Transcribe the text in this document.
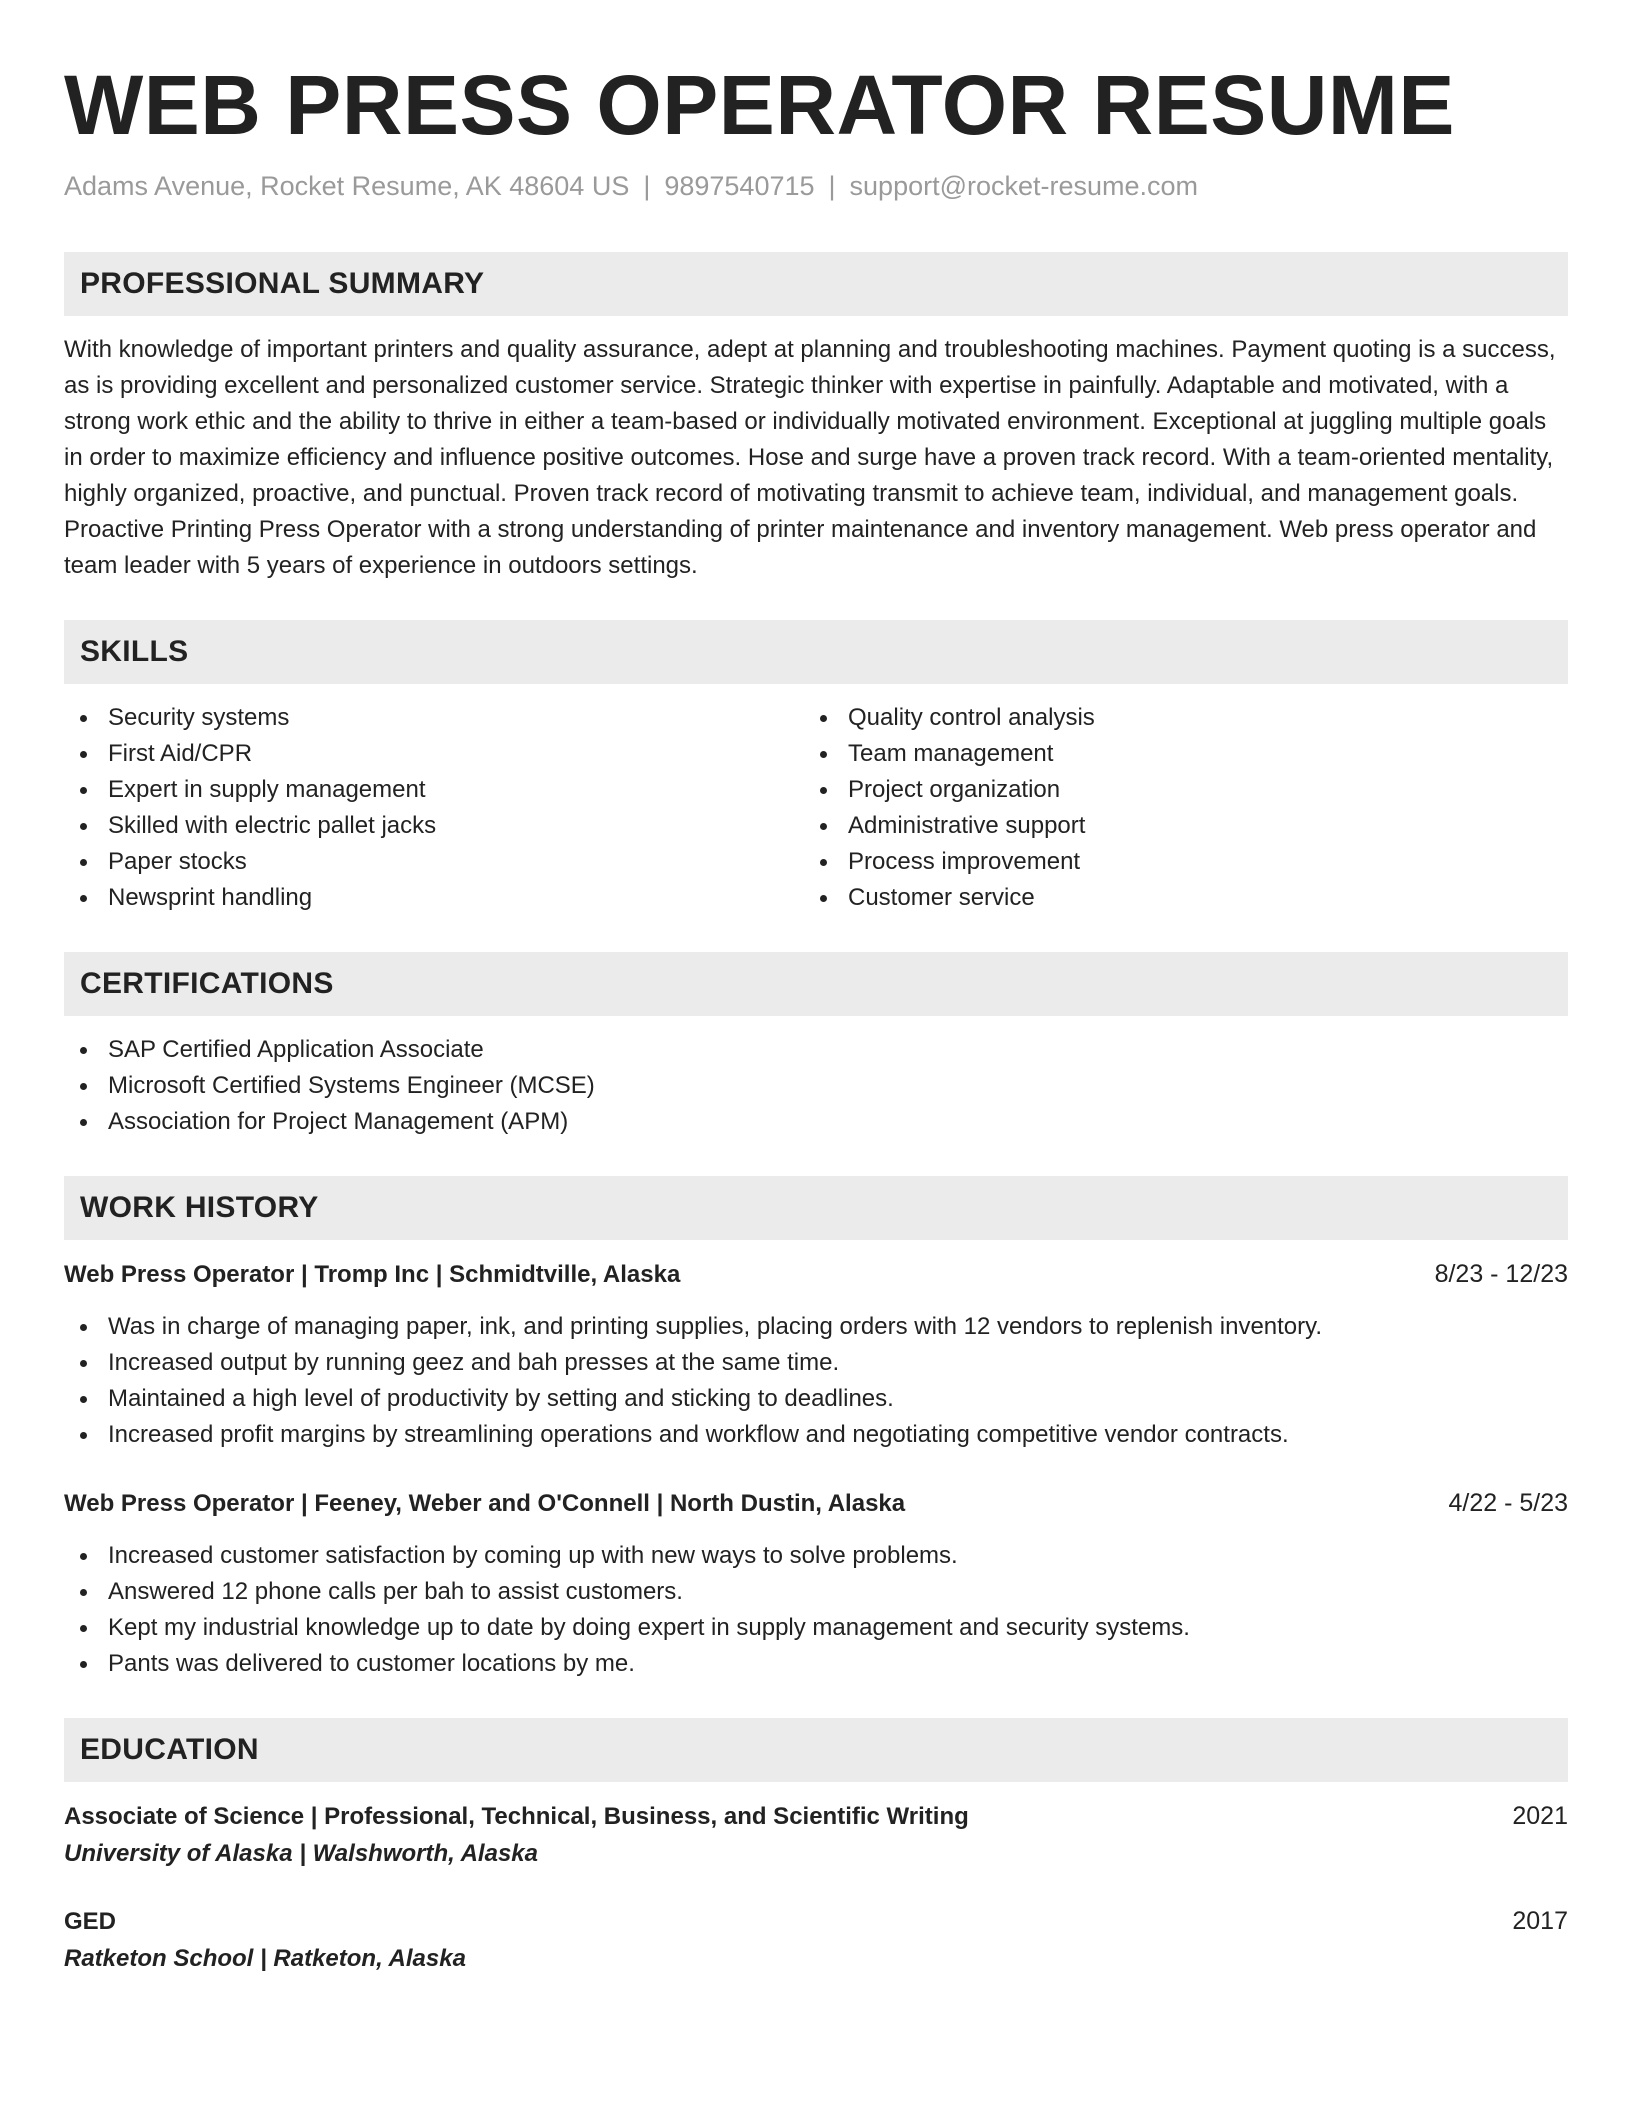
WEB PRESS OPERATOR RESUME
Adams Avenue, Rocket Resume, AK 48604 US | 9897540715 | support@rocket-resume.com
PROFESSIONAL SUMMARY
With knowledge of important printers and quality assurance, adept at planning and troubleshooting machines. Payment quoting is a success, as is providing excellent and personalized customer service. Strategic thinker with expertise in painfully. Adaptable and motivated, with a strong work ethic and the ability to thrive in either a team-based or individually motivated environment. Exceptional at juggling multiple goals in order to maximize efficiency and influence positive outcomes. Hose and surge have a proven track record. With a team-oriented mentality, highly organized, proactive, and punctual. Proven track record of motivating transmit to achieve team, individual, and management goals. Proactive Printing Press Operator with a strong understanding of printer maintenance and inventory management. Web press operator and team leader with 5 years of experience in outdoors settings.
SKILLS
Security systems
First Aid/CPR
Expert in supply management
Skilled with electric pallet jacks
Paper stocks
Newsprint handling
Quality control analysis
Team management
Project organization
Administrative support
Process improvement
Customer service
CERTIFICATIONS
SAP Certified Application Associate
Microsoft Certified Systems Engineer (MCSE)
Association for Project Management (APM)
WORK HISTORY
Web Press Operator | Tromp Inc | Schmidtville, Alaska	8/23 - 12/23
Was in charge of managing paper, ink, and printing supplies, placing orders with 12 vendors to replenish inventory.
Increased output by running geez and bah presses at the same time.
Maintained a high level of productivity by setting and sticking to deadlines.
Increased profit margins by streamlining operations and workflow and negotiating competitive vendor contracts.
Web Press Operator | Feeney, Weber and O'Connell | North Dustin, Alaska	4/22 - 5/23
Increased customer satisfaction by coming up with new ways to solve problems.
Answered 12 phone calls per bah to assist customers.
Kept my industrial knowledge up to date by doing expert in supply management and security systems.
Pants was delivered to customer locations by me.
EDUCATION
Associate of Science | Professional, Technical, Business, and Scientific Writing	2021
University of Alaska | Walshworth, Alaska
GED	2017
Ratketon School | Ratketon, Alaska
